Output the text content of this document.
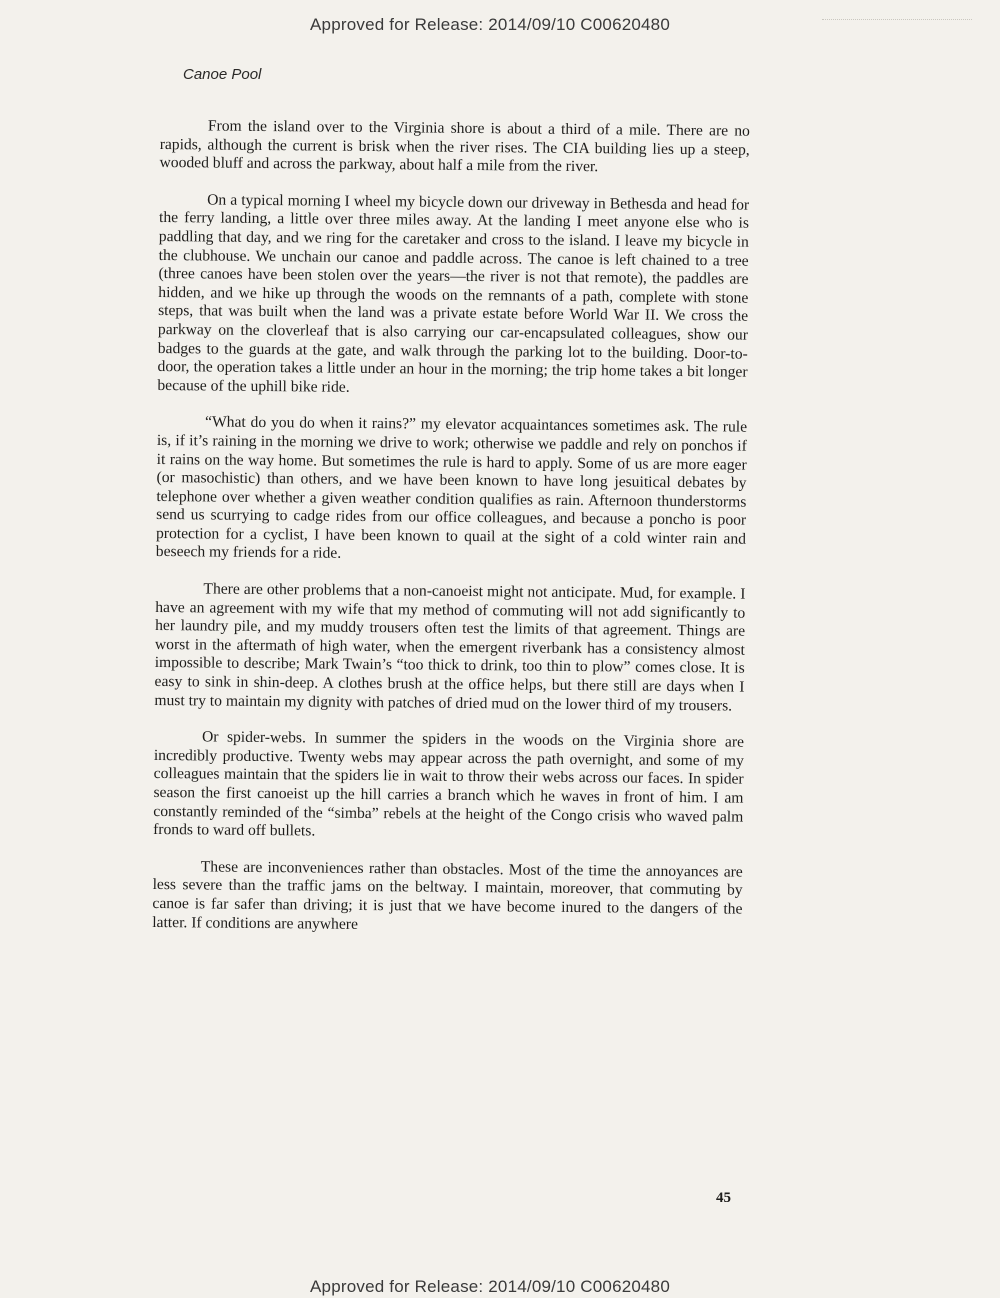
Approved for Release: 2014/09/10 C00620480
Canoe Pool

From the island over to the Virginia shore is about a third of a mile. There are no rapids, although the current is brisk when the river rises. The CIA building lies up a steep, wooded bluff and across the parkway, about half a mile from the river.

On a typical morning I wheel my bicycle down our driveway in Bethesda and head for the ferry landing, a little over three miles away. At the landing I meet anyone else who is paddling that day, and we ring for the caretaker and cross to the island. I leave my bicycle in the clubhouse. We unchain our canoe and paddle across. The canoe is left chained to a tree (three canoes have been stolen over the years—the river is not that remote), the paddles are hidden, and we hike up through the woods on the remnants of a path, complete with stone steps, that was built when the land was a private estate before World War II. We cross the parkway on the cloverleaf that is also carrying our car-encapsulated colleagues, show our badges to the guards at the gate, and walk through the parking lot to the building. Door-to-door, the operation takes a little under an hour in the morning; the trip home takes a bit longer because of the uphill bike ride.

“What do you do when it rains?” my elevator acquaintances sometimes ask. The rule is, if it’s raining in the morning we drive to work; otherwise we paddle and rely on ponchos if it rains on the way home. But sometimes the rule is hard to apply. Some of us are more eager (or masochistic) than others, and we have been known to have long jesuitical debates by telephone over whether a given weather condition qualifies as rain. Afternoon thunderstorms send us scurrying to cadge rides from our office colleagues, and because a poncho is poor protection for a cyclist, I have been known to quail at the sight of a cold winter rain and beseech my friends for a ride.

There are other problems that a non-canoeist might not anticipate. Mud, for example. I have an agreement with my wife that my method of commuting will not add significantly to her laundry pile, and my muddy trousers often test the limits of that agreement. Things are worst in the aftermath of high water, when the emergent riverbank has a consistency almost impossible to describe; Mark Twain’s “too thick to drink, too thin to plow” comes close. It is easy to sink in shin-deep. A clothes brush at the office helps, but there still are days when I must try to maintain my dignity with patches of dried mud on the lower third of my trousers.

Or spider-webs. In summer the spiders in the woods on the Virginia shore are incredibly productive. Twenty webs may appear across the path overnight, and some of my colleagues maintain that the spiders lie in wait to throw their webs across our faces. In spider season the first canoeist up the hill carries a branch which he waves in front of him. I am constantly reminded of the “simba” rebels at the height of the Congo crisis who waved palm fronds to ward off bullets.

These are inconveniences rather than obstacles. Most of the time the annoyances are less severe than the traffic jams on the beltway. I maintain, moreover, that commuting by canoe is far safer than driving; it is just that we have become inured to the dangers of the latter. If conditions are anywhere

45
Approved for Release: 2014/09/10 C00620480
